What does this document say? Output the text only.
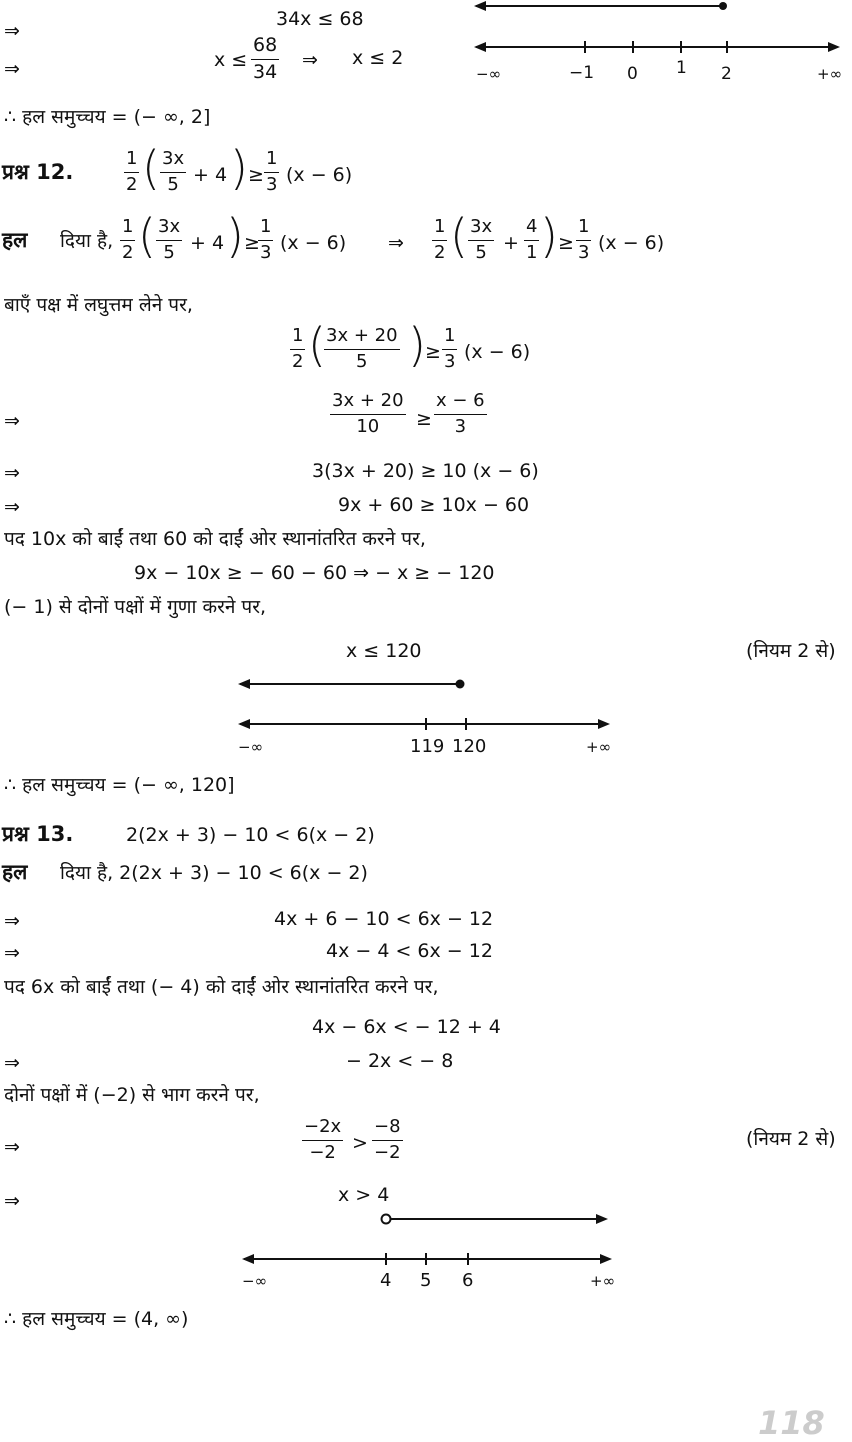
34x ≤ 68
⇒
⇒	$x \le \frac{68}{34}$ ⇒ x ≤ 2
−∞	−1 0 1 2	+∞
∴ हल समुच्चय = (− ∞, 2]
प्रश्न 12.	$\frac{1}{2}$ ( $\frac{3x}{5} + 4$ ) ≥ $\frac{1}{3} (x - 6)$
हल दिया है, $\frac{1}{2}$ ( $\frac{3x}{5} + 4$ ) ≥
$\frac{1}{3} (x - 6)$ ⇒ $\frac{1}{2}$ ( $\frac{3x}{5} + \frac{4}{1}$ ) ≥ $\frac{1}{3} (x - 6)$
बाएँ पक्ष में लघुत्तम लेने पर,
$\frac{1}{2}$ (
$\frac{3x + 20}{5}$ ) ≥ $\frac{1}{3} (x - 6)$
⇒	$\frac{3x + 20}{10} \ge \frac{x - 6}{3}$
⇒	3(3x + 20) ≥ 10 (x − 6)
⇒	9x + 60 ≥ 10x − 60
पद 10x को बाईं तथा 60 को दाईं ओर स्थानांतरित करने पर,
9x − 10x ≥ − 60 − 60 ⇒ − x ≥ − 120
(− 1) से दोनों पक्षों में गुणा करने पर,
x ≤ 120	(नियम 2 से)
−∞	119 120	+∞
∴ हल समुच्चय = (− ∞, 120]
प्रश्न 13.	2(2x + 3) − 10 < 6(x − 2)
हल दिया है, 2(2x + 3) − 10 < 6(x − 2)
⇒	4x + 6 − 10 < 6x − 12
⇒	4x − 4 < 6x − 12
पद 6x को बाईं तथा (− 4) को दाईं ओर स्थानांतरित करने पर,
4x − 6x < − 12 + 4
⇒	− 2x < − 8
दोनों पक्षों में (−2) से भाग करने पर,
⇒	$\frac{-2x}{-2} > \frac{-8}{-2}$	(नियम 2 से)
⇒	x > 4
−∞	4 5 6	+∞
∴ हल समुच्चय = (4, ∞)
118
